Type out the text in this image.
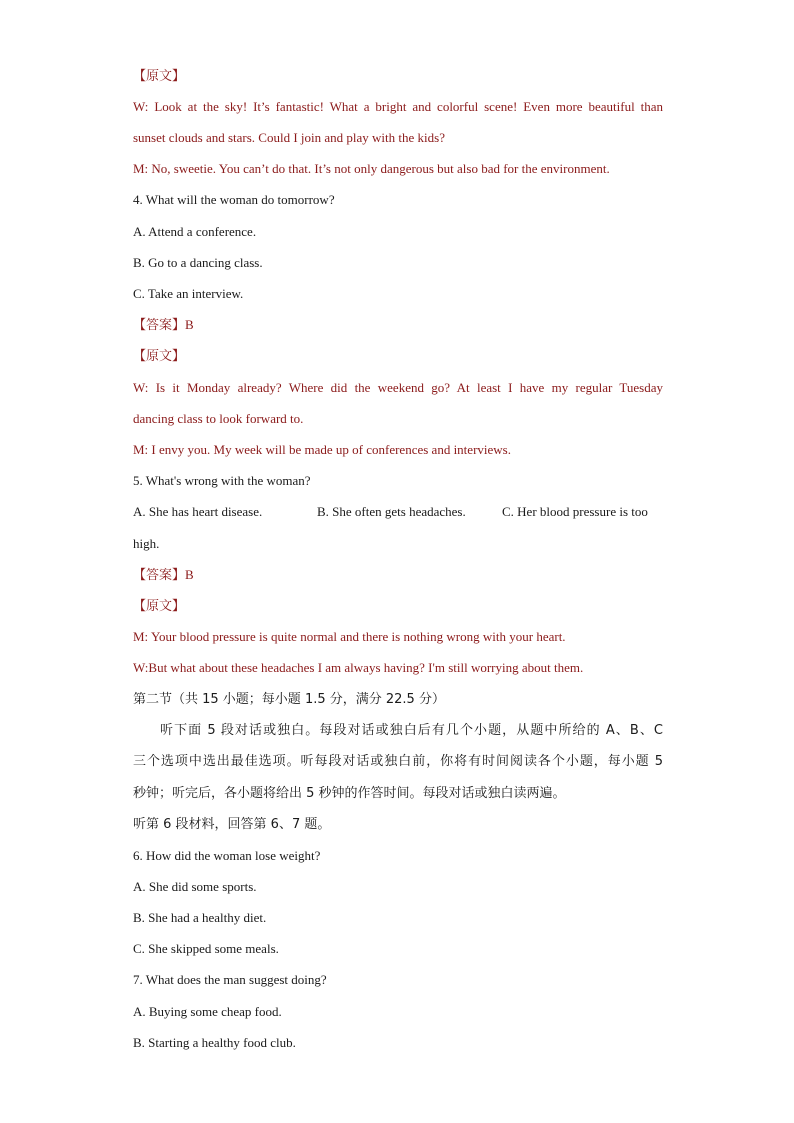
【原文】
W: Look at the sky! It’s fantastic! What a bright and colorful scene! Even more beautiful than
sunset clouds and stars. Could I join and play with the kids?
M: No, sweetie. You can’t do that. It’s not only dangerous but also bad for the environment.
4. What will the woman do tomorrow?
A. Attend a conference.
B. Go to a dancing class.
C. Take an interview.
【答案】B
【原文】
W: Is it Monday already? Where did the weekend go? At least I have my regular Tuesday
dancing class to look forward to.
M: I envy you. My week will be made up of conferences and interviews.
5. What's wrong with the woman?
A. She has heart disease.	B. She often gets headaches.	C. Her blood pressure is too
high.
【答案】B
【原文】
M: Your blood pressure is quite normal and there is nothing wrong with your heart.
W:But what about these headaches I am always having? I'm still worrying about them.
第二节（共 15 小题；每小题 1.5 分，满分 22.5 分）
听下面 5 段对话或独白。每段对话或独白后有几个小题，从题中所给的 A、B、C
三个选项中选出最佳选项。听每段对话或独白前，你将有时间阅读各个小题，每小题 5
秒钟；听完后，各小题将给出 5 秒钟的作答时间。每段对话或独白读两遍。
听第 6 段材料，回答第 6、7 题。
6. How did the woman lose weight?
A. She did some sports.
B. She had a healthy diet.
C. She skipped some meals.
7. What does the man suggest doing?
A. Buying some cheap food.
B. Starting a healthy food club.
